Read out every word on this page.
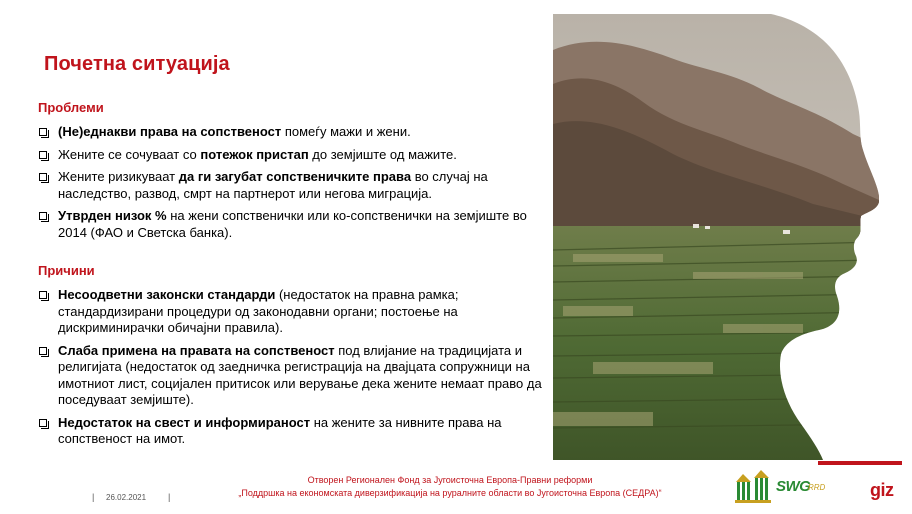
Почетна ситуација
Проблеми
(Не)еднакви права на сопственост помеѓу мажи и жени.
Жените се сочуваат со потежок пристап до земјиште од мажите.
Жените ризикуваат да ги загубат сопственичките права во случај на наследство, развод, смрт на партнерот или негова миграција.
Утврден низок % на жени сопственички или ко-сопственички на земјиште во 2014 (ФАО и Светска банка).
Причини
Несоодветни законски стандарди (недостаток на правна рамка; стандардизирани процедури од законодавни органи; постоење на дискриминирачки обичајни правила).
Слаба примена на правата на сопственост под влијание на традицијата и религијата (недостаток од заедничка регистрација на двајцата сопружници на имотниот лист, социјален притисок или верување дека жените немаат право да поседуваат земјиште).
Недостаток на свест и информираност на жените за нивните права на сопственост на имот.
| 26.02.2021 |
Отворен Регионален Фонд за Југоисточна Европа-Правни реформи
„Поддршка на економската диверзификација на руралните области во Југоисточна Европа (СЕДРА)“	SWG
RRD giz
